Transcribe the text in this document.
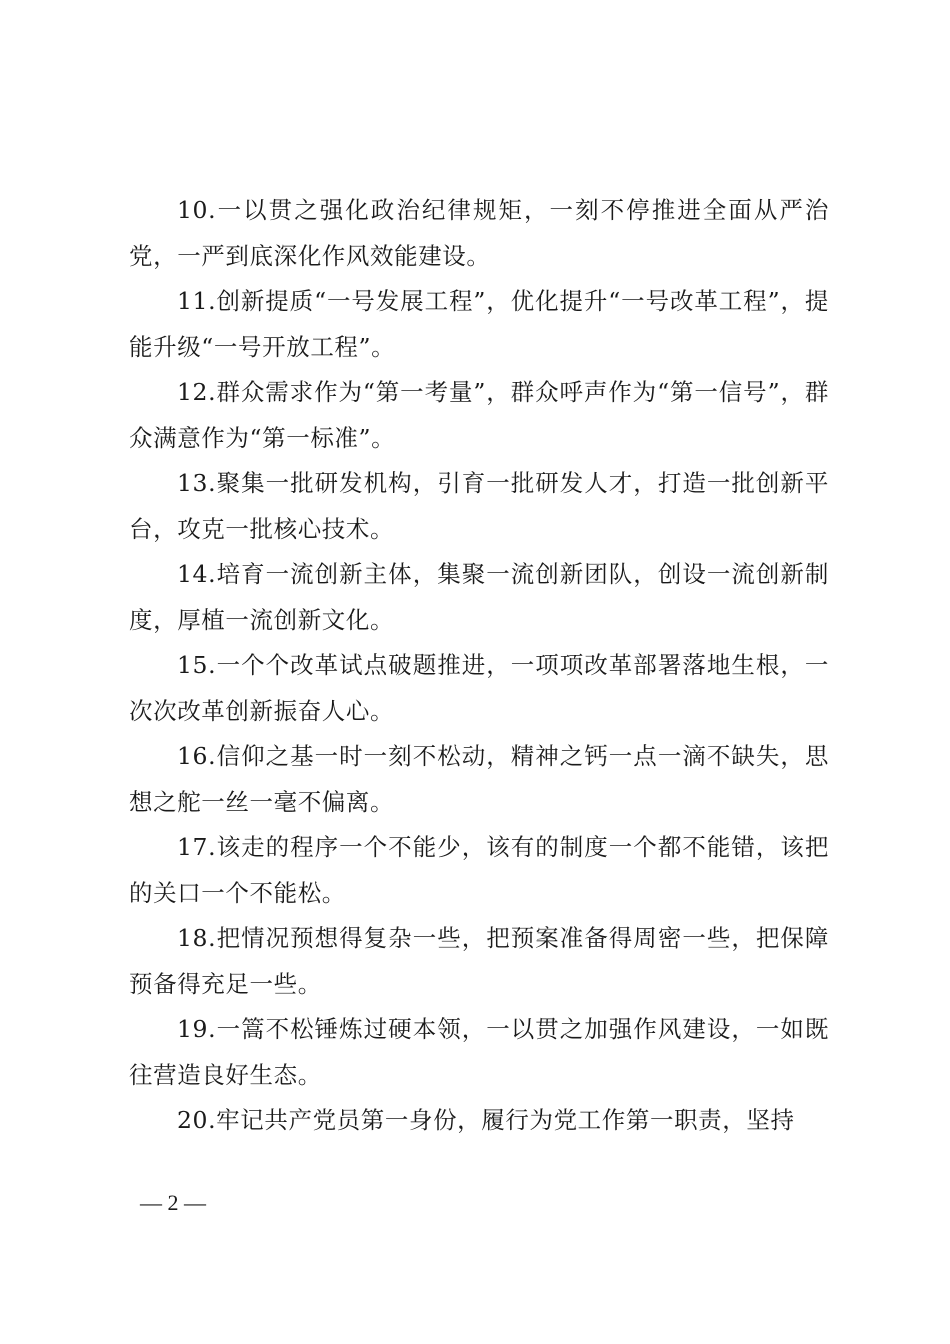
10.一以贯之强化政治纪律规矩，一刻不停推进全面从严治党，一严到底深化作风效能建设。

11.创新提质“一号发展工程”，优化提升“一号改革工程”，提能升级“一号开放工程”。

12.群众需求作为“第一考量”，群众呼声作为“第一信号”，群众满意作为“第一标准”。

13.聚集一批研发机构，引育一批研发人才，打造一批创新平台，攻克一批核心技术。

14.培育一流创新主体，集聚一流创新团队，创设一流创新制度，厚植一流创新文化。

15.一个个改革试点破题推进，一项项改革部署落地生根，一次次改革创新振奋人心。

16.信仰之基一时一刻不松动，精神之钙一点一滴不缺失，思想之舵一丝一毫不偏离。

17.该走的程序一个不能少，该有的制度一个都不能错，该把的关口一个不能松。

18.把情况预想得复杂一些，把预案准备得周密一些，把保障预备得充足一些。

19.一篙不松锤炼过硬本领，一以贯之加强作风建设，一如既往营造良好生态。

20.牢记共产党员第一身份，履行为党工作第一职责，坚持

— 2 —
